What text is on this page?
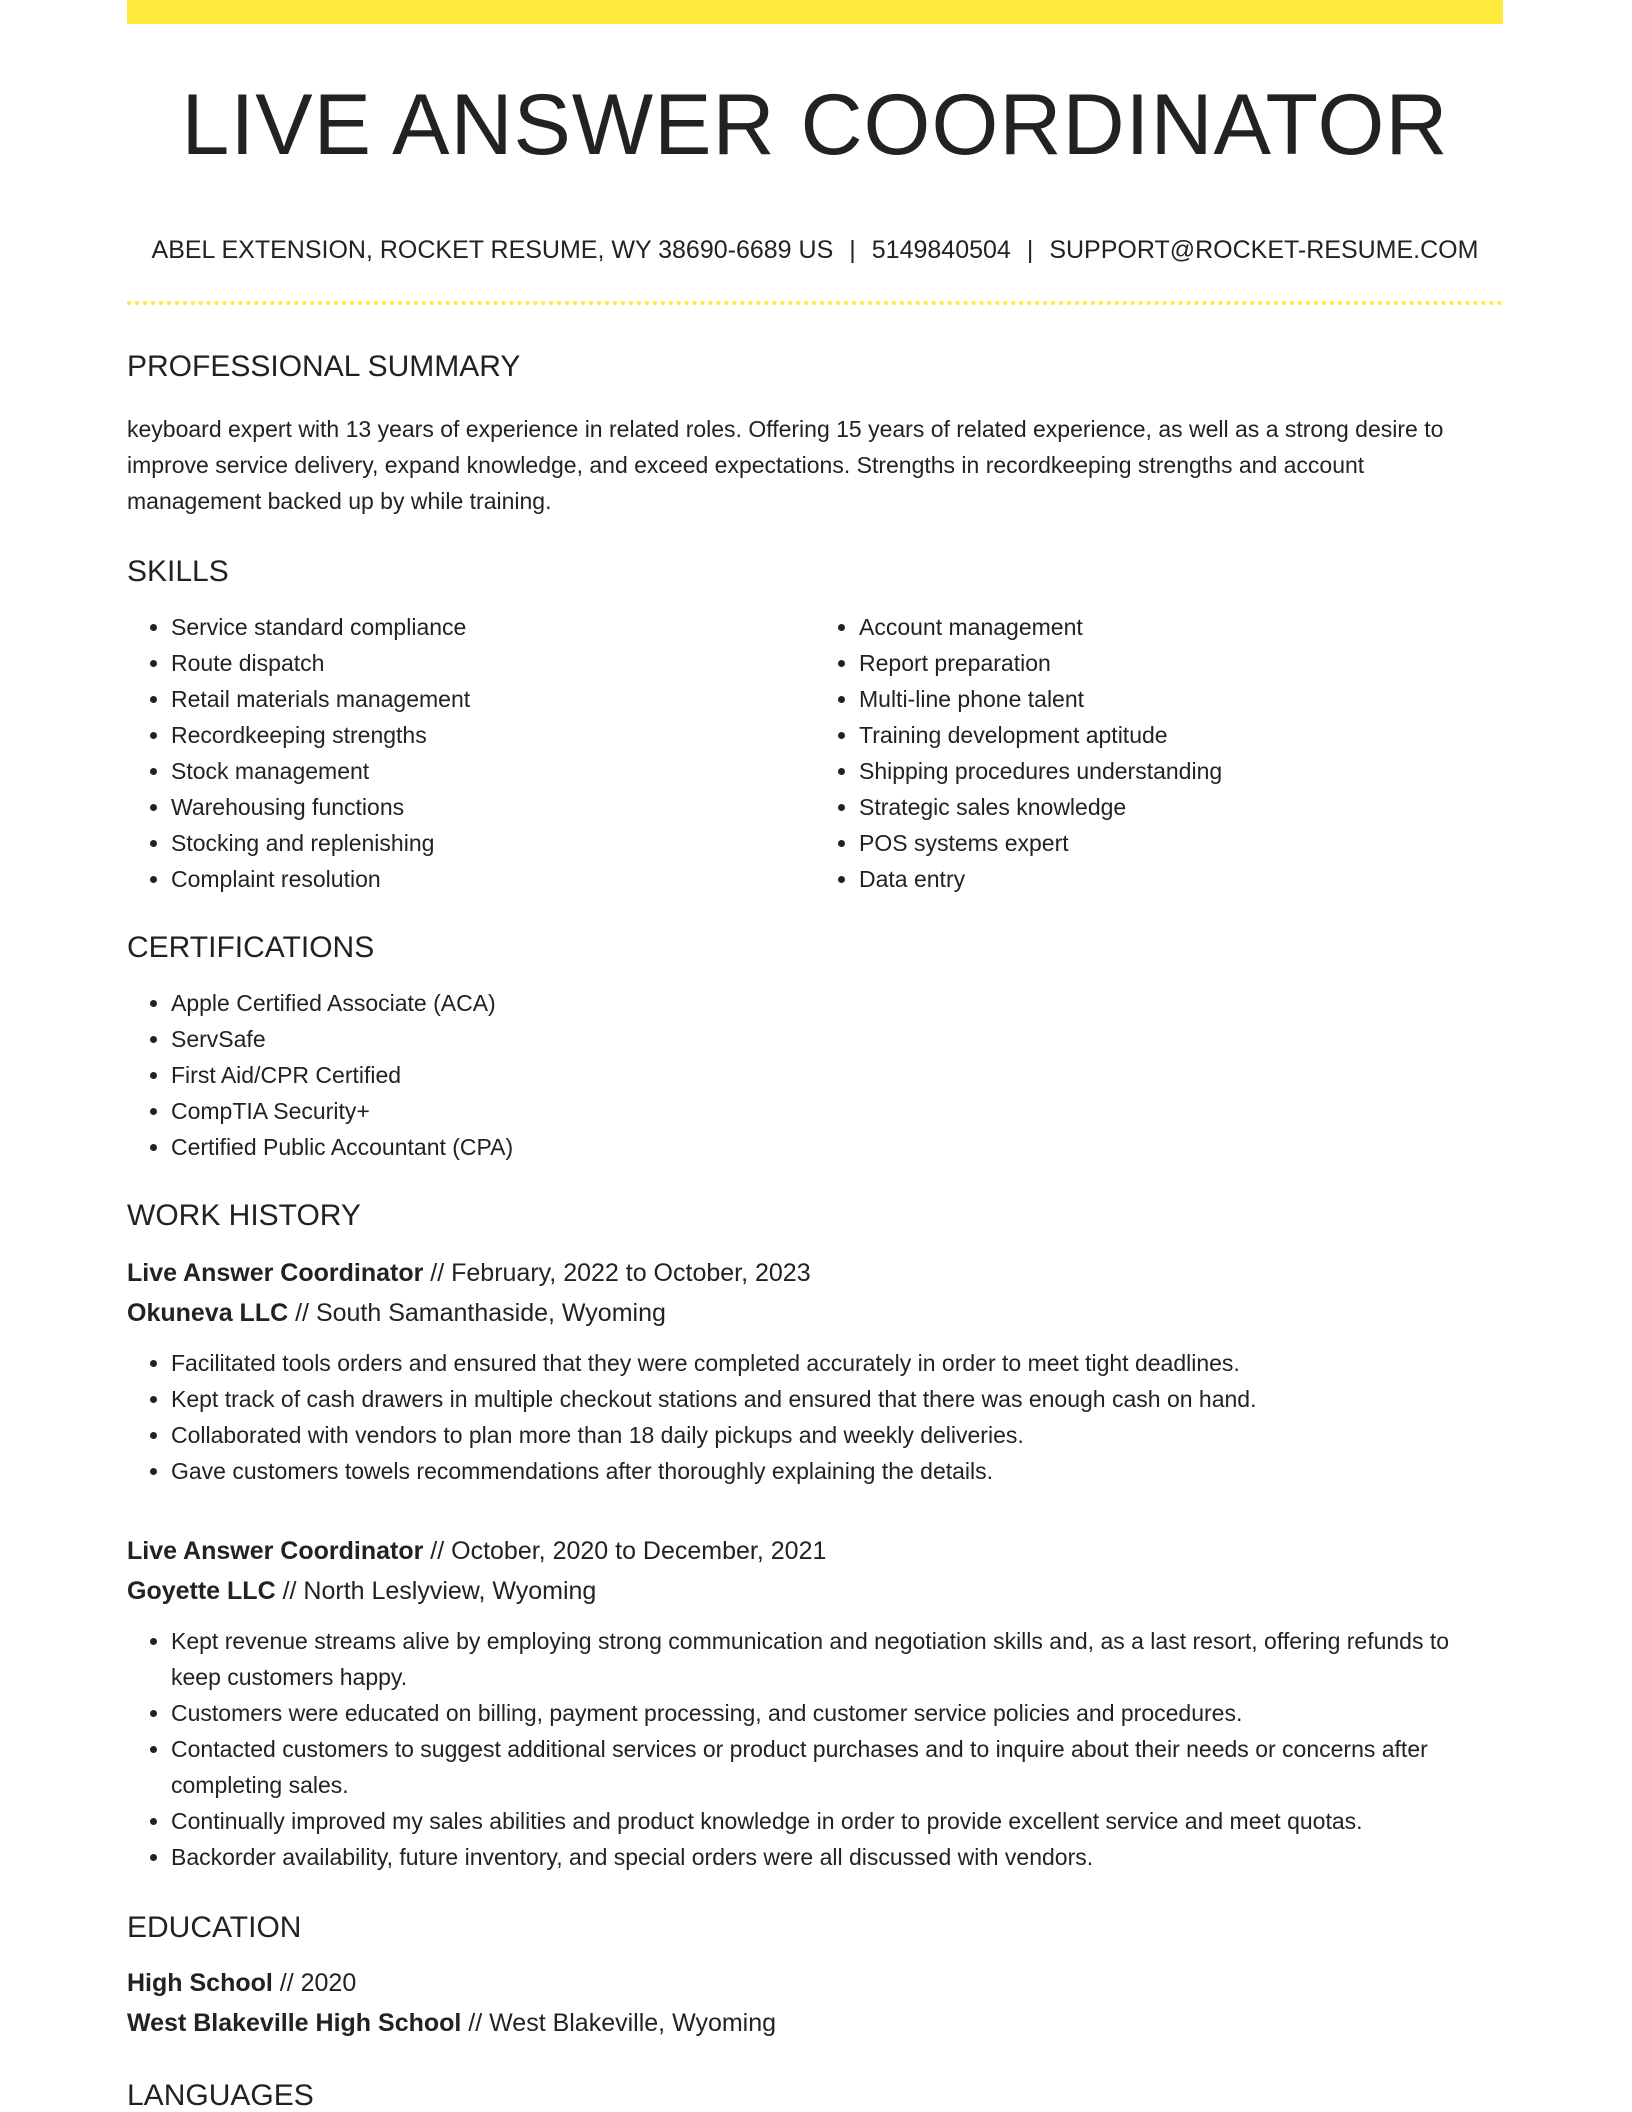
LIVE ANSWER COORDINATOR
ABEL EXTENSION, ROCKET RESUME, WY 38690-6689 US | 5149840504 | SUPPORT@ROCKET-RESUME.COM
PROFESSIONAL SUMMARY

keyboard expert with 13 years of experience in related roles. Offering 15 years of related experience, as well as a strong desire to improve service delivery, expand knowledge, and exceed expectations. Strengths in recordkeeping strengths and account management backed up by while training.

SKILLS
• Service standard compliance
• Route dispatch
• Retail materials management
• Recordkeeping strengths
• Stock management
• Warehousing functions
• Stocking and replenishing
• Complaint resolution
• Account management
• Report preparation
• Multi-line phone talent
• Training development aptitude
• Shipping procedures understanding
• Strategic sales knowledge
• POS systems expert
• Data entry
CERTIFICATIONS
• Apple Certified Associate (ACA)
• ServSafe
• First Aid/CPR Certified
• CompTIA Security+
• Certified Public Accountant (CPA)
WORK HISTORY
Live Answer Coordinator // February, 2022 to October, 2023
Okuneva LLC // South Samanthaside, Wyoming
• Facilitated tools orders and ensured that they were completed accurately in order to meet tight deadlines.
• Kept track of cash drawers in multiple checkout stations and ensured that there was enough cash on hand.
• Collaborated with vendors to plan more than 18 daily pickups and weekly deliveries.
• Gave customers towels recommendations after thoroughly explaining the details.
Live Answer Coordinator // October, 2020 to December, 2021
Goyette LLC // North Leslyview, Wyoming
• Kept revenue streams alive by employing strong communication and negotiation skills and, as a last resort, offering refunds to keep customers happy.
• Customers were educated on billing, payment processing, and customer service policies and procedures.
• Contacted customers to suggest additional services or product purchases and to inquire about their needs or concerns after completing sales.
• Continually improved my sales abilities and product knowledge in order to provide excellent service and meet quotas.
• Backorder availability, future inventory, and special orders were all discussed with vendors.
EDUCATION
High School // 2020
West Blakeville High School // West Blakeville, Wyoming
LANGUAGES
